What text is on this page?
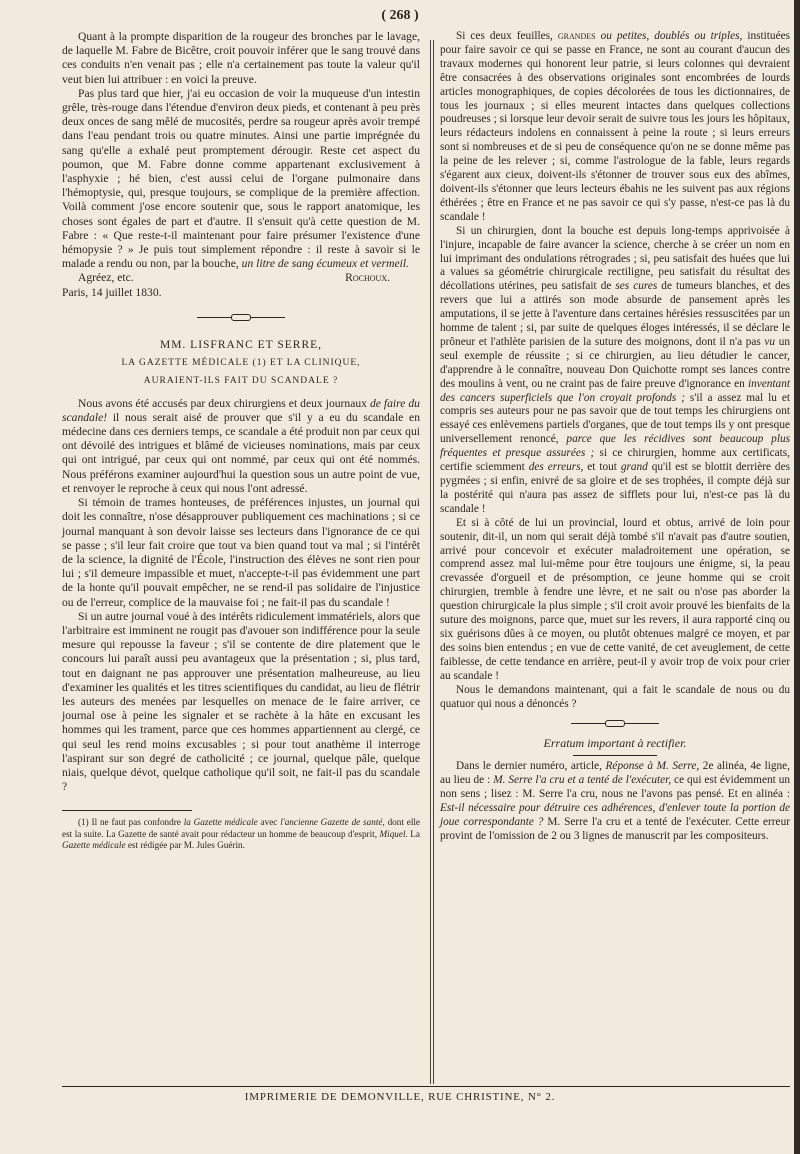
( 268 )

Quant à la prompte disparition de la rougeur des bronches par le lavage, de laquelle M. Fabre de Bicêtre, croit pouvoir inférer que le sang trouvé dans ces conduits n'en venait pas ; elle n'a certainement pas toute la valeur qu'il veut bien lui attribuer : en voici la preuve.

Pas plus tard que hier, j'ai eu occasion de voir la muqueuse d'un intestin grêle, très-rouge dans l'étendue d'environ deux pieds, et contenant à peu près deux onces de sang mêlé de mucosités, perdre sa rougeur après avoir trempé dans l'eau pendant trois ou quatre minutes. Ainsi une partie imprégnée du sang qu'elle a exhalé peut promptement dérougir. Reste cet aspect du poumon, que M. Fabre donne comme appartenant exclusivement à l'asphyxie ; hé bien, c'est aussi celui de l'organe pulmonaire dans l'hémoptysie, qui, presque toujours, se complique de la première affection. Voilà comment j'ose encore soutenir que, sous le rapport anatomique, les choses sont égales de part et d'autre. Il s'ensuit qu'à cette question de M. Fabre : « Que reste-t-il maintenant pour faire présumer l'existence d'une hémopysie ? » Je puis tout simplement répondre : il reste à savoir si le malade a rendu ou non, par la bouche, un litre de sang écumeux et vermeil.

Agréez, etc.	Rochoux.
Paris, 14 juillet 1830.
MM. LISFRANC ET SERRE,
LA GAZETTE MÉDICALE (1) ET LA CLINIQUE,
AURAIENT-ILS FAIT DU SCANDALE ?

Nous avons été accusés par deux chirurgiens et deux journaux de faire du scandale! il nous serait aisé de prouver que s'il y a eu du scandale en médecine dans ces derniers temps, ce scandale a été produit non par ceux qui ont dévoilé des intrigues et blâmé de vicieuses nominations, mais par ceux qui ont intrigué, par ceux qui ont nommé, par ceux qui ont été nommés. Nous préférons examiner aujourd'hui la question sous un autre point de vue, et renvoyer le reproche à ceux qui nous l'ont adressé.

Si témoin de trames honteuses, de préférences injustes, un journal qui doit les connaître, n'ose désapprouver publiquement ces machinations ; si ce journal manquant à son devoir laisse ses lecteurs dans l'ignorance de ce qui se passe ; s'il leur fait croire que tout va bien quand tout va mal ; si l'intérêt de la science, la dignité de l'École, l'instruction des élèves ne sont rien pour lui ; s'il demeure impassible et muet, n'accepte-t-il pas évidemment une part de la honte qu'il pouvait empêcher, ne se rend-il pas solidaire de l'injustice ou de l'erreur, complice de la mauvaise foi ; ne fait-il pas du scandale !

Si un autre journal voué à des intérêts ridiculement immatériels, alors que l'arbitraire est imminent ne rougit pas d'avouer son indifférence pour la seule mesure qui repousse la faveur ; s'il se contente de dire platement que le concours lui paraît aussi peu avantageux que la présentation ; si, plus tard, tout en daignant ne pas approuver une présentation malheureuse, au lieu d'examiner les qualités et les titres scientifiques du candidat, au lieu de flétrir les auteurs des menées par lesquelles on menace de le faire arriver, ce journal ose à peine les signaler et se rachète à la hâte en excusant les hommes qui les trament, parce que ces hommes appartiennent au clergé, ce qui seul les rend moins excusables ; si pour tout anathème il interroge l'aspirant sur son degré de catholicité ; ce journal, quelque pâle, quelque niais, quelque dévot, quelque catholique qu'il soit, ne fait-il pas du scandale ?

(1) Il ne faut pas confondre la Gazette médicale avec l'ancienne Gazette de santé, dont elle est la suite. La Gazette de santé avait pour rédacteur un homme de beaucoup d'esprit, Miquel. La Gazette médicale est rédigée par M. Jules Guérin.

Si ces deux feuilles, grandes ou petites, doublés ou triples, instituées pour faire savoir ce qui se passe en France, ne sont au courant d'aucun des travaux modernes qui honorent leur patrie, si leurs colonnes qui devraient être consacrées à des observations originales sont encombrées de lourds articles monographiques, de copies décolorées de tous les dictionnaires, de tous les journaux ; si elles meurent intactes dans quelques collections poudreuses ; si lorsque leur devoir serait de suivre tous les jours les hôpitaux, leurs rédacteurs indolens en connaissent à peine la route ; si leurs erreurs sont si nombreuses et de si peu de conséquence qu'on ne se donne même pas la peine de les relever ; si, comme l'astrologue de la fable, leurs regards s'égarent aux cieux, doivent-ils s'étonner de trouver sous eux des abîmes, doivent-ils s'étonner que leurs lecteurs ébahis ne les suivent pas aux régions éthérées ; être en France et ne pas savoir ce qui s'y passe, n'est-ce pas là du scandale !

Si un chirurgien, dont la bouche est depuis long-temps apprivoisée à l'injure, incapable de faire avancer la science, cherche à se créer un nom en lui imprimant des ondulations rétrogrades ; si, peu satisfait des huées que lui a values sa géométrie chirurgicale rectiligne, peu satisfait du résultat des décollations utérines, peu satisfait de ses cures de tumeurs blanches, et des revers que lui a attirés son mode absurde de pansement après les amputations, il se jette à l'aventure dans certaines hérésies ressuscitées par un homme de talent ; si, par suite de quelques éloges intéressés, il se déclare le prôneur et l'athlète parisien de la suture des moignons, dont il n'a pas vu un seul exemple de réussite ; si ce chirurgien, au lieu détudier le cancer, d'apprendre à le connaître, nouveau Don Quichotte rompt ses lances contre des moulins à vent, ou ne craint pas de faire preuve d'ignorance en inventant des cancers superficiels que l'on croyait profonds ; s'il a assez mal lu et compris ses auteurs pour ne pas savoir que de tout temps les chirurgiens ont essayé ces enlèvemens partiels d'organes, que de tout temps ils y ont presque universellement renoncé, parce que les récidives sont beaucoup plus fréquentes et presque assurées ; si ce chirurgien, homme aux certificats, certifie sciemment des erreurs, et tout grand qu'il est se blottit derrière des pygmées ; si enfin, enivré de sa gloire et de ses trophées, il compte déjà sur la postérité qui n'aura pas assez de sifflets pour lui, n'est-ce pas là du scandale !

Et si à côté de lui un provincial, lourd et obtus, arrivé de loin pour soutenir, dit-il, un nom qui serait déjà tombé s'il n'avait pas d'autre soutien, arrivé pour concevoir et exécuter maladroitement une opération, se comprend assez mal lui-même pour être toujours une énigme, si, la peau crevassée d'orgueil et de présomption, ce jeune homme qui se croit chirurgien, tremble à fendre une lèvre, et ne sait ou n'ose pas aborder la question chirurgicale la plus simple ; s'il croit avoir prouvé les bienfaits de la suture des moignons, parce que, muet sur les revers, il aura rapporté cinq ou six guérisons dûes à ce moyen, ou plutôt obtenues malgré ce moyen, et par des soins bien entendus ; en vue de cette vanité, de cet aveuglement, de cette faiblesse, de cette tendance en arrière, peut-il y avoir trop de voix pour crier au scandale !

Nous le demandons maintenant, qui a fait le scandale de nous ou du quatuor qui nous a dénoncés ?

Erratum important à rectifier.

Dans le dernier numéro, article, Réponse à M. Serre, 2e alinéa, 4e ligne, au lieu de : M. Serre l'a cru et a tenté de l'exécuter, ce qui est évidemment un non sens ; lisez : M. Serre l'a cru, nous ne l'avons pas pensé. Et en alinéa : Est-il nécessaire pour détruire ces adhérences, d'enlever toute la portion de joue correspondante ? M. Serre l'a cru et a tenté de l'exécuter. Cette erreur provint de l'omission de 2 ou 3 lignes de manuscrit par les compositeurs.

IMPRIMERIE DE DEMONVILLE, RUE CHRISTINE, N° 2.
